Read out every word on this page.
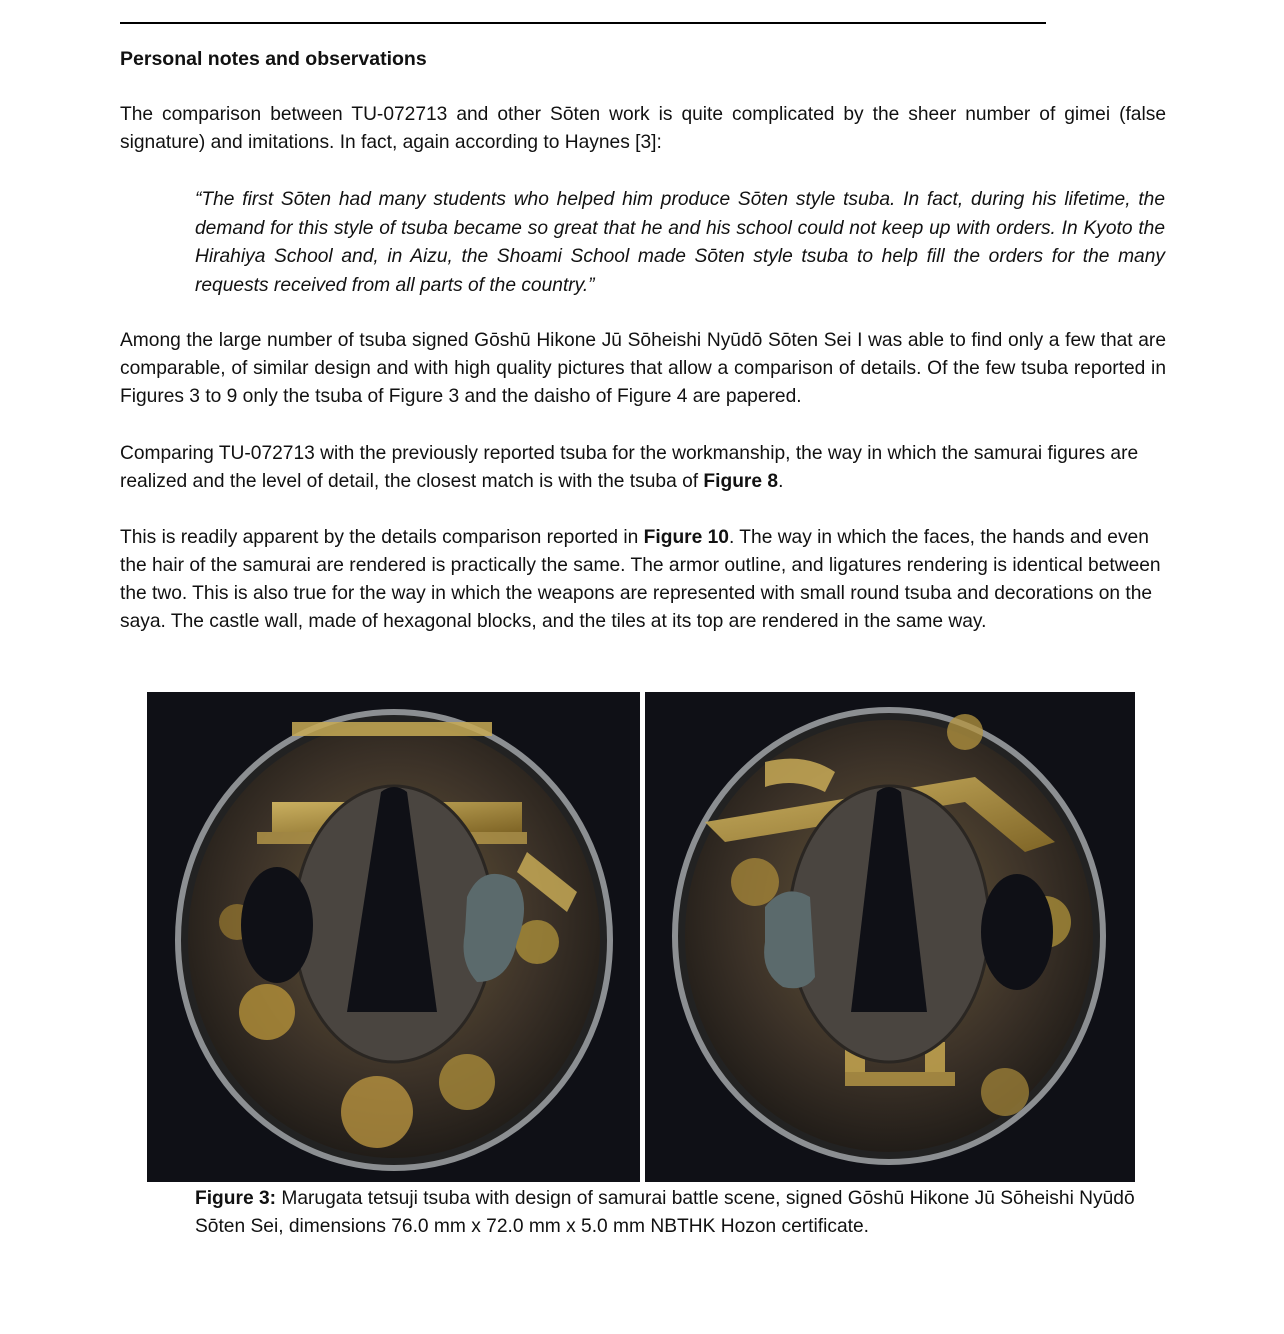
Personal notes and observations
The comparison between TU-072713 and other Sōten work is quite complicated by the sheer number of gimei (false signature) and imitations. In fact, again according to Haynes [3]:
“The first Sōten had many students who helped him produce Sōten style tsuba. In fact, during his lifetime, the demand for this style of tsuba became so great that he and his school could not keep up with orders. In Kyoto the Hirahiya School and, in Aizu, the Shoami School made Sōten style tsuba to help fill the orders for the many requests received from all parts of the country.”
Among the large number of tsuba signed Gōshū Hikone Jū Sōheishi Nyūdō Sōten Sei I was able to find only a few that are comparable, of similar design and with high quality pictures that allow a comparison of details. Of the few tsuba reported in Figures 3 to 9 only the tsuba of Figure 3 and the daisho of Figure 4 are papered.
Comparing TU-072713 with the previously reported tsuba for the workmanship, the way in which the samurai figures are realized and the level of detail, the closest match is with the tsuba of Figure 8.
This is readily apparent by the details comparison reported in Figure 10. The way in which the faces, the hands and even the hair of the samurai are rendered is practically the same. The armor outline, and ligatures rendering is identical between the two. This is also true for the way in which the weapons are represented with small round tsuba and decorations on the saya. The castle wall, made of hexagonal blocks, and the tiles at its top are rendered in the same way.
Figure 3: Marugata tetsuji tsuba with design of samurai battle scene, signed Gōshū Hikone Jū Sōheishi Nyūdō Sōten Sei, dimensions 76.0 mm x 72.0 mm x 5.0 mm NBTHK Hozon certificate.
